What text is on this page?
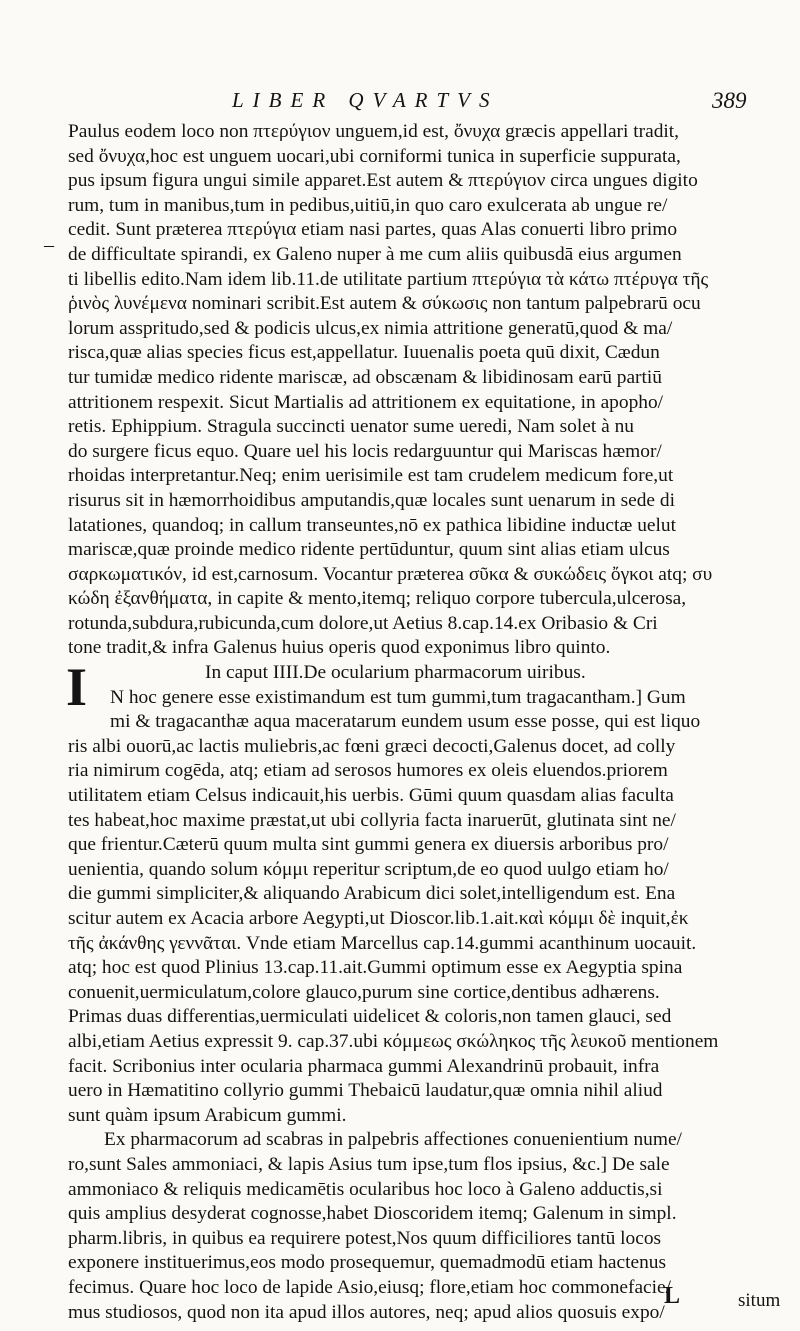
LIBER QVARTVS	389
–
I
Paulus eodem loco non πτερύγιον unguem,id est, ὄνυχα græcis appellari tradit,
sed ὄνυχα,hoc est unguem uocari,ubi corniformi tunica in superficie suppurata,
pus ipsum figura ungui simile apparet.Est autem & πτερύγιον circa ungues digito
rum, tum in manibus,tum in pedibus,uitiū,in quo caro exulcerata ab ungue re/
cedit. Sunt præterea πτερύγια etiam nasi partes, quas Alas conuerti libro primo
de difficultate spirandi, ex Galeno nuper à me cum aliis quibusdā eius argumen
ti libellis edito.Nam idem lib.11.de utilitate partium πτερύγια τὰ κάτω πτέρυγα τῆς
ῥινὸς λυνέμενα nominari scribit.Est autem & σύκωσις non tantum palpebrarū ocu
lorum asspritudo,sed & podicis ulcus,ex nimia attritione generatū,quod & ma/
risca,quæ alias species ficus est,appellatur. Iuuenalis poeta quū dixit, Cædun
tur tumidæ medico ridente mariscæ, ad obscænam & libidinosam earū partiū
attritionem respexit. Sicut Martialis ad attritionem ex equitatione, in apopho/
retis. Ephippium. Stragula succincti uenator sume ueredi, Nam solet à nu
do surgere ficus equo. Quare uel his locis redarguuntur qui Mariscas hæmor/
rhoidas interpretantur.Neq; enim uerisimile est tam crudelem medicum fore,ut
risurus sit in hæmorrhoidibus amputandis,quæ locales sunt uenarum in sede di
latationes, quandoq; in callum transeuntes,nō ex pathica libidine inductæ uelut
mariscæ,quæ proinde medico ridente pertūduntur, quum sint alias etiam ulcus
σαρκωματικόν, id est,carnosum. Vocantur præterea σῦκα & συκώδεις ὄγκοι atq; συ
κώδη ἐξανθήματα, in capite & mento,itemq; reliquo corpore tubercula,ulcerosa,
rotunda,subdura,rubicunda,cum dolore,ut Aetius 8.cap.14.ex Oribasio & Cri
tone tradit,& infra Galenus huius operis quod exponimus libro quinto.
In caput IIII.De ocularium pharmacorum uiribus.
N hoc genere esse existimandum est tum gummi,tum tragacantham.] Gum
mi & tragacanthæ aqua maceratarum eundem usum esse posse, qui est liquo
ris albi ouorū,ac lactis muliebris,ac fœni græci decocti,Galenus docet, ad colly
ria nimirum cogēda, atq; etiam ad serosos humores ex oleis eluendos.priorem
utilitatem etiam Celsus indicauit,his uerbis. Gūmi quum quasdam alias faculta
tes habeat,hoc maxime præstat,ut ubi collyria facta inaruerūt, glutinata sint ne/
que frientur.Cæterū quum multa sint gummi genera ex diuersis arboribus pro/
uenientia, quando solum κόμμι reperitur scriptum,de eo quod uulgo etiam ho/
die gummi simpliciter,& aliquando Arabicum dici solet,intelligendum est. Ena
scitur autem ex Acacia arbore Aegypti,ut Dioscor.lib.1.ait.καὶ κόμμι δὲ inquit,ἐκ
τῆς ἀκάνθης γεννᾶται. Vnde etiam Marcellus cap.14.gummi acanthinum uocauit.
atq; hoc est quod Plinius 13.cap.11.ait.Gummi optimum esse ex Aegyptia spina
conuenit,uermiculatum,colore glauco,purum sine cortice,dentibus adhærens.
Primas duas differentias,uermiculati uidelicet & coloris,non tamen glauci, sed
albi,etiam Aetius expressit 9. cap.37.ubi κόμμεως σκώληκος τῆς λευκοῦ mentionem
facit. Scribonius inter ocularia pharmaca gummi Alexandrinū probauit, infra
uero in Hæmatitino collyrio gummi Thebaicū laudatur,quæ omnia nihil aliud
sunt quàm ipsum Arabicum gummi.
Ex pharmacorum ad scabras in palpebris affectiones conuenientium nume/
ro,sunt Sales ammoniaci, & lapis Asius tum ipse,tum flos ipsius, &c.] De sale
ammoniaco & reliquis medicamētis ocularibus hoc loco à Galeno adductis,si
quis amplius desyderat cognosse,habet Dioscoridem itemq; Galenum in simpl.
pharm.libris, in quibus ea requirere potest,Nos quum difficiliores tantū locos
exponere instituerimus,eos modo prosequemur, quemadmodū etiam hactenus
fecimus. Quare hoc loco de lapide Asio,eiusq; flore,etiam hoc commonefacie/
mus studiosos, quod non ita apud illos autores, neq; apud alios quosuis expo/
L	situm
